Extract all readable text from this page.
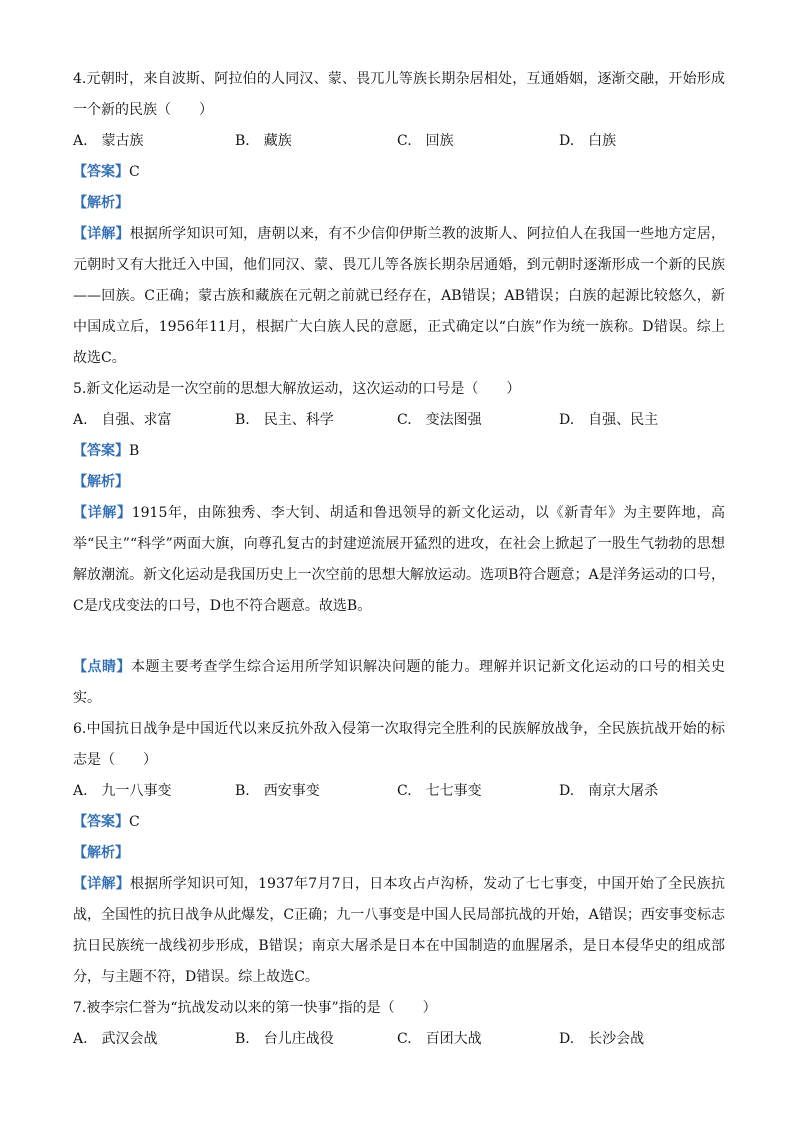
4.元朝时，来自波斯、阿拉伯的人同汉、蒙、畏兀儿等族长期杂居相处，互通婚姻，逐渐交融，开始形成一个新的民族（　　）

A.　蒙古族	B.　藏族	C.　回族	D.　白族
【答案】C
【解析】

【详解】根据所学知识可知，唐朝以来，有不少信仰伊斯兰教的波斯人、阿拉伯人在我国一些地方定居，元朝时又有大批迁入中国，他们同汉、蒙、畏兀儿等各族长期杂居通婚，到元朝时逐渐形成一个新的民族——回族。C正确；蒙古族和藏族在元朝之前就已经存在，AB错误；AB错误；白族的起源比较悠久，新中国成立后，1956年11月，根据广大白族人民的意愿，正式确定以“白族”作为统一族称。D错误。综上故选C。

5.新文化运动是一次空前的思想大解放运动，这次运动的口号是（　　）

A.　自强、求富	B.　民主、科学	C.　变法图强	D.　自强、民主
【答案】B
【解析】

【详解】1915年，由陈独秀、李大钊、胡适和鲁迅领导的新文化运动，以《新青年》为主要阵地，高举“民主”“科学”两面大旗，向尊孔复古的封建逆流展开猛烈的进攻，在社会上掀起了一股生气勃勃的思想解放潮流。新文化运动是我国历史上一次空前的思想大解放运动。选项B符合题意；A是洋务运动的口号，C是戊戌变法的口号，D也不符合题意。故选B。

【点睛】本题主要考查学生综合运用所学知识解决问题的能力。理解并识记新文化运动的口号的相关史实。

6.中国抗日战争是中国近代以来反抗外敌入侵第一次取得完全胜利的民族解放战争，全民族抗战开始的标志是（　　）

A.　九一八事变	B.　西安事变	C.　七七事变	D.　南京大屠杀
【答案】C
【解析】

【详解】根据所学知识可知，1937年7月7日，日本攻占卢沟桥，发动了七七事变，中国开始了全民族抗战，全国性的抗日战争从此爆发，C正确；九一八事变是中国人民局部抗战的开始，A错误；西安事变标志抗日民族统一战线初步形成，B错误；南京大屠杀是日本在中国制造的血腥屠杀，是日本侵华史的组成部分，与主题不符，D错误。综上故选C。

7.被李宗仁誉为“抗战发动以来的第一快事”指的是（　　）

A.　武汉会战	B.　台儿庄战役	C.　百团大战	D.　长沙会战
